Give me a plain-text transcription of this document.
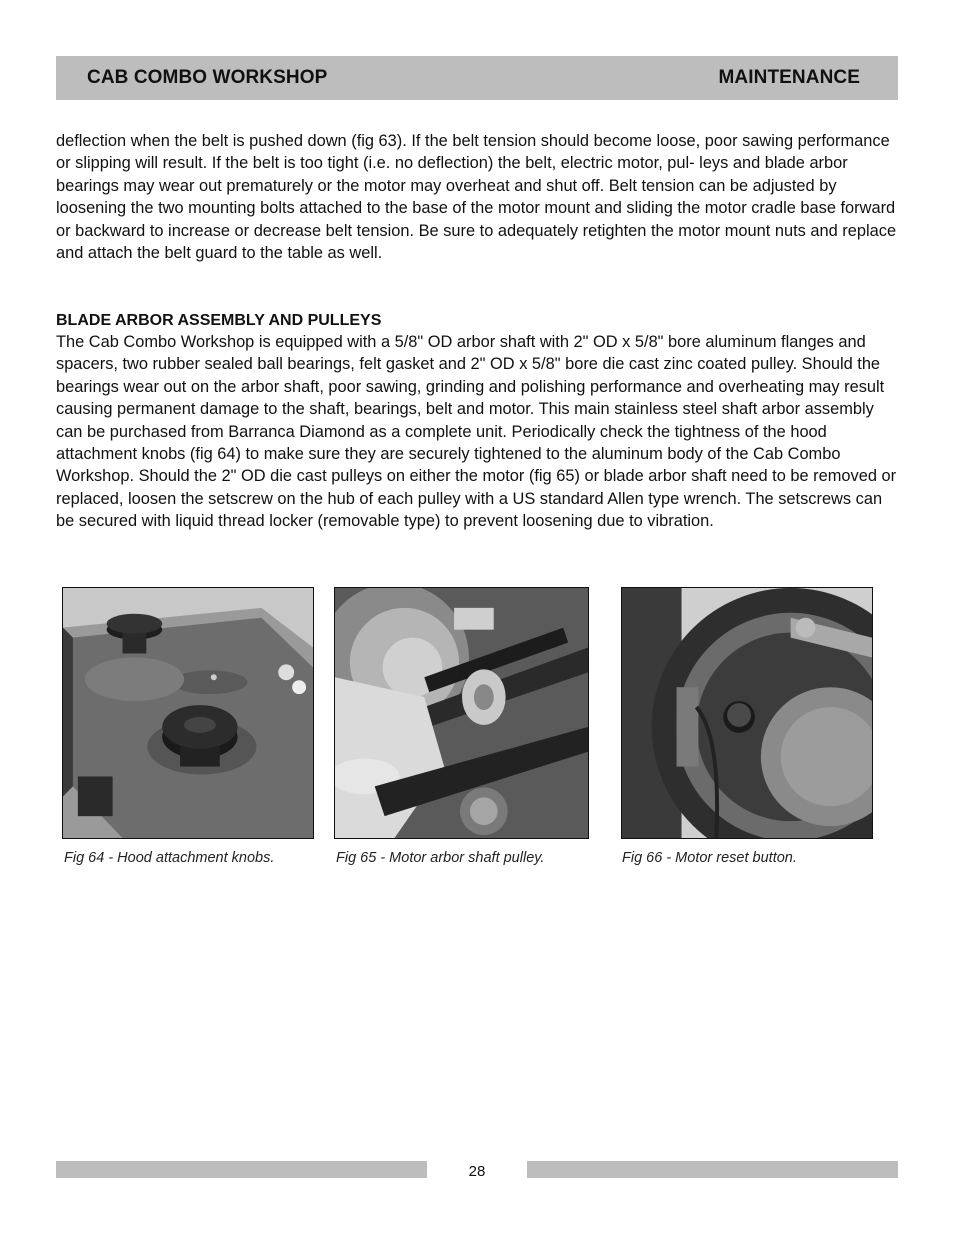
CAB COMBO WORKSHOP	MAINTENANCE

deflection when the belt is pushed down (fig 63). If the belt tension should become loose, poor sawing performance or slipping will result. If the belt is too tight (i.e. no deflection) the belt, electric motor, pul- leys and blade arbor bearings may wear out prematurely or the motor may overheat and shut off. Belt tension can be adjusted by loosening the two mounting bolts attached to the base of the motor mount and sliding the motor cradle base forward or backward to increase or decrease belt tension. Be sure to adequately retighten the motor mount nuts and replace and attach the belt guard to the table as well.

BLADE ARBOR ASSEMBLY AND PULLEYS

The Cab Combo Workshop is equipped with a 5/8" OD arbor shaft with 2" OD x 5/8" bore aluminum flanges and spacers, two rubber sealed ball bearings, felt gasket and 2" OD x 5/8" bore die cast zinc coated pulley. Should the bearings wear out on the arbor shaft, poor sawing, grinding and polishing performance and overheating may result causing permanent damage to the shaft, bearings, belt and motor. This main stainless steel shaft arbor assembly can be purchased from Barranca Diamond as a complete unit. Periodically check the tightness of the hood attachment knobs (fig 64) to make sure they are securely tightened to the aluminum body of the Cab Combo Workshop. Should the 2" OD die cast pulleys on either the motor (fig 65) or blade arbor shaft need to be removed or replaced, loosen the setscrew on the hub of each pulley with a US standard Allen type wrench. The setscrews can be secured with liquid thread locker (removable type) to prevent loosening due to vibration.

Fig 64 - Hood attachment knobs.	Fig 65 - Motor arbor shaft pulley.	Fig 66 - Motor reset button.
28
